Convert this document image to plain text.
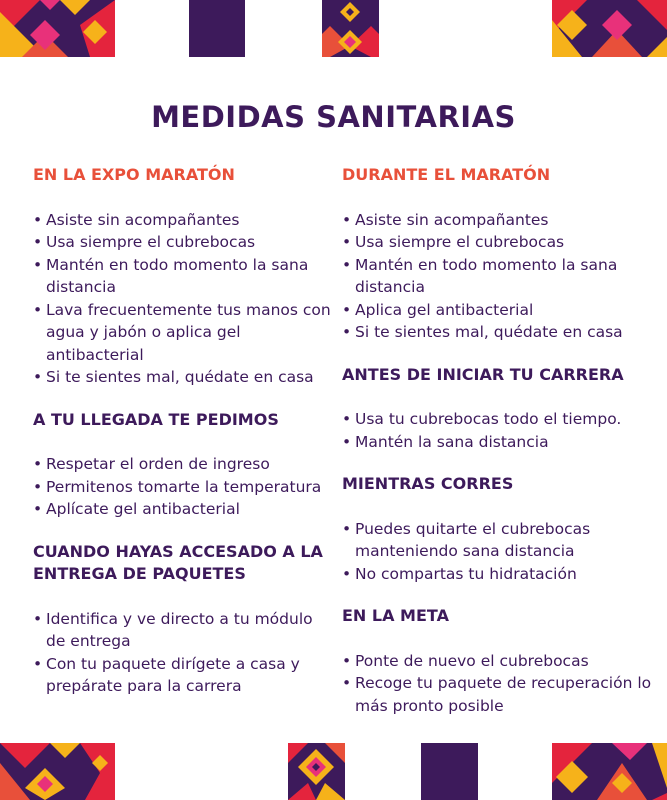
MEDIDAS SANITARIAS
EN LA EXPO MARATÓN
• Asiste sin acompañantes
• Usa siempre el cubrebocas
• Mantén en todo momento la sana distancia
• Lava frecuentemente tus manos con agua y jabón o aplica gel antibacterial
• Si te sientes mal, quédate en casa
A TU LLEGADA TE PEDIMOS
• Respetar el orden de ingreso
• Permitenos tomarte la temperatura
• Aplícate gel antibacterial
CUANDO HAYAS ACCESADO A LA ENTREGA DE PAQUETES
• Identifica y ve directo a tu módulo de entrega
• Con tu paquete dirígete a casa y prepárate para la carrera
DURANTE EL MARATÓN
• Asiste sin acompañantes
• Usa siempre el cubrebocas
• Mantén en todo momento la sana distancia
• Aplica gel antibacterial
• Si te sientes mal, quédate en casa
ANTES DE INICIAR TU CARRERA
• Usa tu cubrebocas todo el tiempo.
• Mantén la sana distancia
MIENTRAS CORRES
• Puedes quitarte el cubrebocas manteniendo sana distancia
• No compartas tu hidratación
EN LA META
• Ponte de nuevo el cubrebocas
• Recoge tu paquete de recuperación lo más pronto posible
